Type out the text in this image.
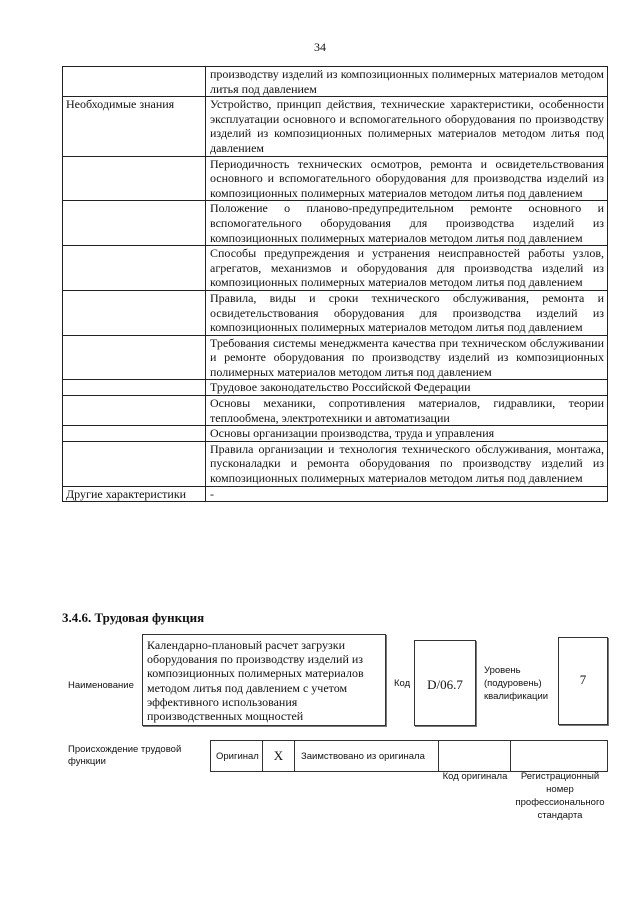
34
	производству изделий из композиционных полимерных материалов методом литья под давлением
Необходимые знания	Устройство, принцип действия, технические характеристики, особенности эксплуатации основного и вспомогательного оборудования по производству изделий из композиционных полимерных материалов методом литья под давлением
	Периодичность технических осмотров, ремонта и освидетельствования основного и вспомогательного оборудования для производства изделий из композиционных полимерных материалов методом литья под давлением
	Положение о планово-предупредительном ремонте основного и вспомогательного оборудования для производства изделий из композиционных полимерных материалов методом литья под давлением
	Способы предупреждения и устранения неисправностей работы узлов, агрегатов, механизмов и оборудования для производства изделий из композиционных полимерных материалов методом литья под давлением
	Правила, виды и сроки технического обслуживания, ремонта и освидетельствования оборудования для производства изделий из композиционных полимерных материалов методом литья под давлением
	Требования системы менеджмента качества при техническом обслуживании и ремонте оборудования по производству изделий из композиционных полимерных материалов методом литья под давлением
	Трудовое законодательство Российской Федерации
	Основы механики, сопротивления материалов, гидравлики, теории теплообмена, электротехники и автоматизации
	Основы организации производства, труда и управления
	Правила организации и технология технического обслуживания, монтажа, пусконаладки и ремонта оборудования по производству изделий из композиционных полимерных материалов методом литья под давлением
Другие характеристики	-
3.4.6. Трудовая функция
Наименование
Календарно-плановый расчет загрузки оборудования по производству изделий из композиционных полимерных материалов методом литья под давлением с учетом эффективного использования производственных мощностей
Код	D/06.7
Уровень (подуровень) квалификации
7
Происхождение трудовой функции	Оригинал	X	Заимствовано из оригинала
Код оригинала	Регистрационный номер профессионального стандарта
